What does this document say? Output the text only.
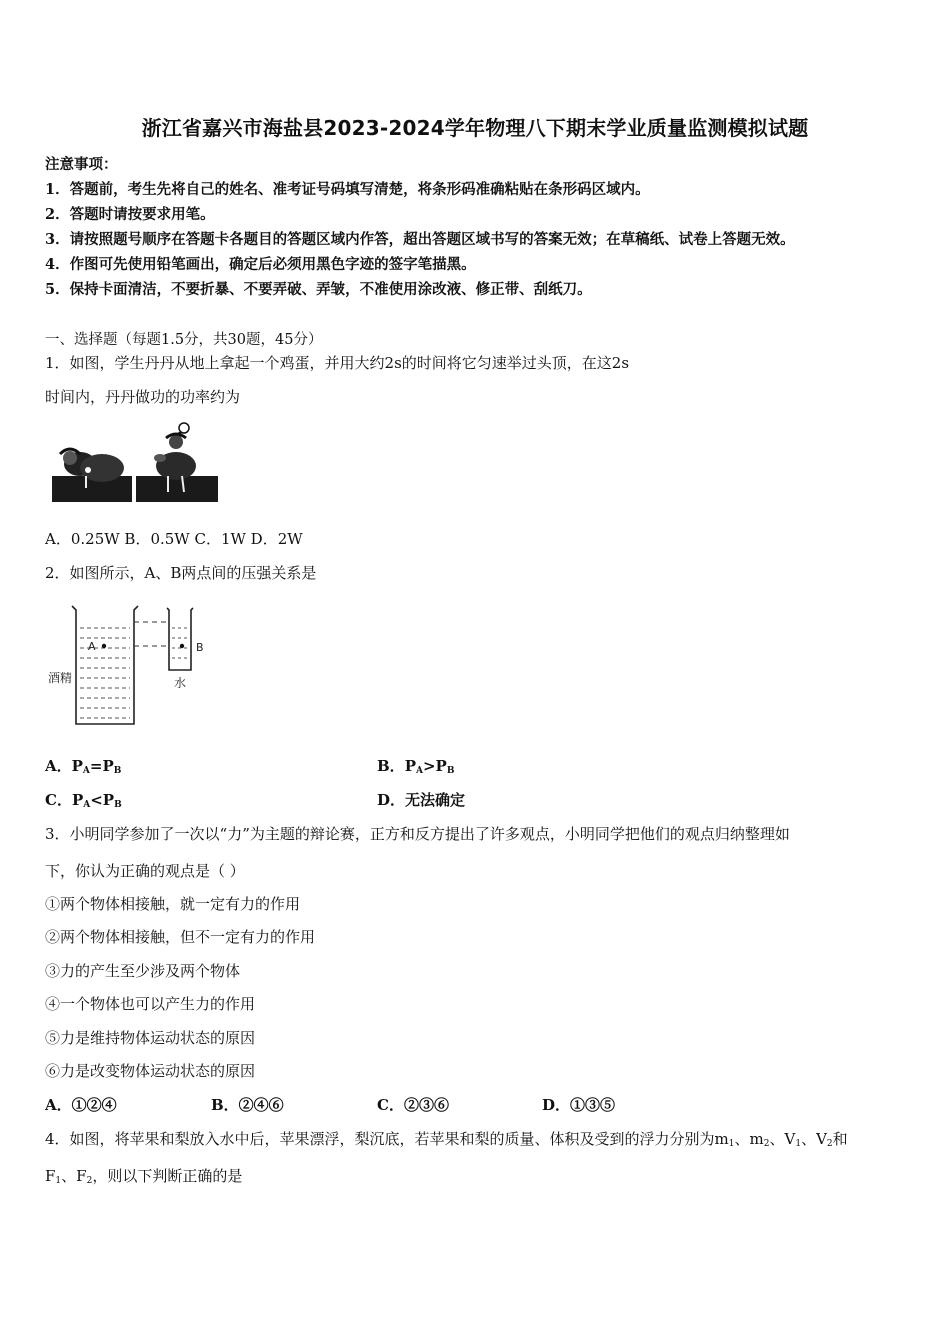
浙江省嘉兴市海盐县2023-2024学年物理八下期末学业质量监测模拟试题
注意事项：
1．答题前，考生先将自己的姓名、准考证号码填写清楚，将条形码准确粘贴在条形码区域内。
2．答题时请按要求用笔。
3．请按照题号顺序在答题卡各题目的答题区域内作答，超出答题区域书写的答案无效；在草稿纸、试卷上答题无效。
4．作图可先使用铅笔画出，确定后必须用黑色字迹的签字笔描黑。
5．保持卡面清洁，不要折暴、不要弄破、弄皱，不准使用涂改液、修正带、刮纸刀。
一、选择题（每题1.5分，共30题，45分）
1．如图，学生丹丹从地上拿起一个鸡蛋，并用大约2s的时间将它匀速举过头顶，在这2s
时间内，丹丹做功的功率约为
A．0.25W B．0.5W C．1W D．2W
2．如图所示，A、B两点间的压强关系是
A	B
酒精	水
A．$P_A=P_B$	B．$P_A>P_B$
C．$P_A<P_B$	D．无法确定
3．小明同学参加了一次以“力”为主题的辩论赛，正方和反方提出了许多观点，小明同学把他们的观点归纳整理如
下，你认为正确的观点是（ ）
①两个物体相接触，就一定有力的作用
②两个物体相接触，但不一定有力的作用
③力的产生至少涉及两个物体
④一个物体也可以产生力的作用
⑤力是维持物体运动状态的原因
⑥力是改变物体运动状态的原因
A．①②④	B．②④⑥	C．②③⑥	D．①③⑤
4．如图，将苹果和梨放入水中后，苹果漂浮，梨沉底，若苹果和梨的质量、体积及受到的浮力分别为$m_1$、$m_2$、$V_1$、$V_2$和
$F_1$、$F_2$，则以下判断正确的是
